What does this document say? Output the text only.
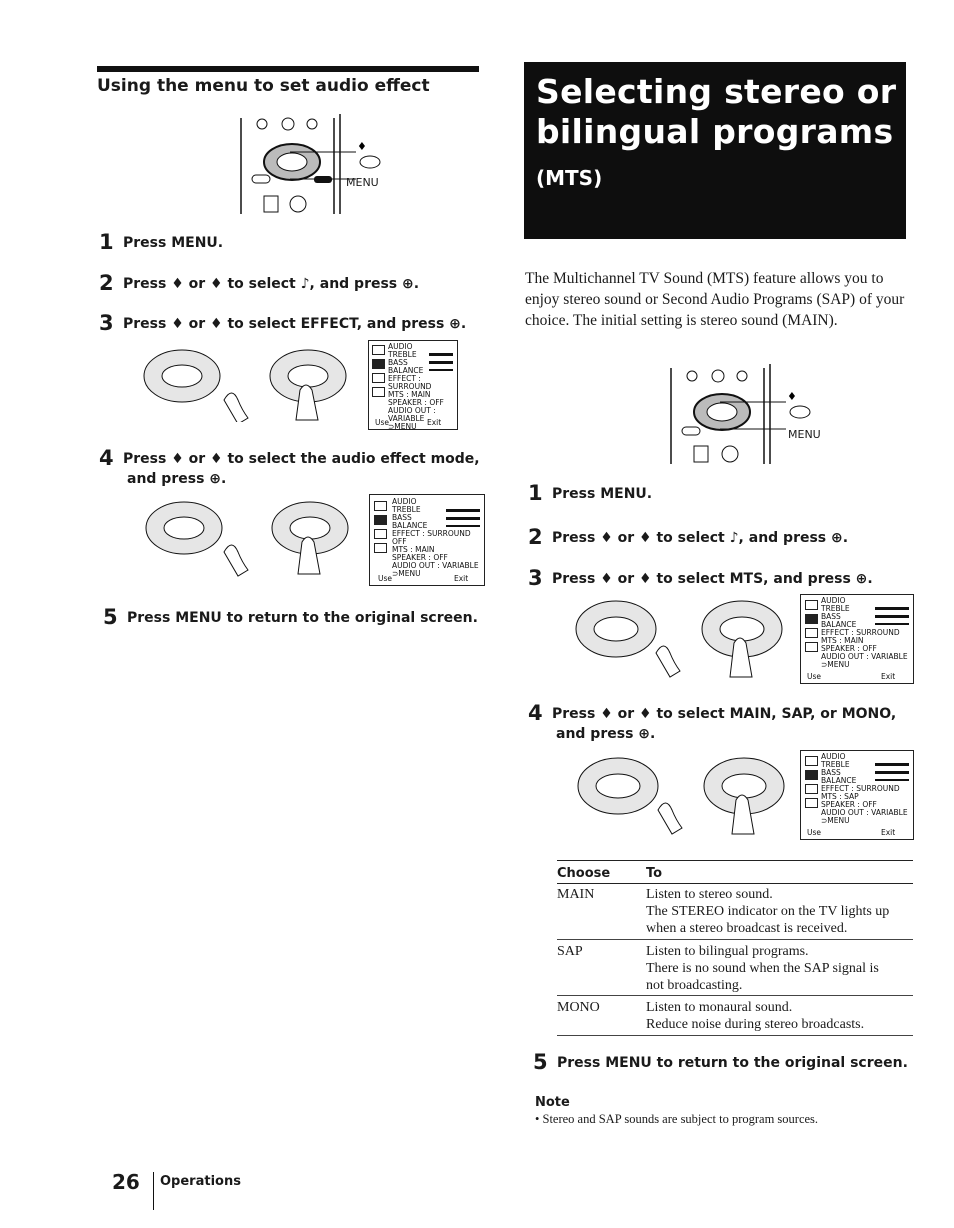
Using the menu to set audio effect
♦
MENU
1 Press MENU.
2 Press ♦ or ♦ to select ♪, and press ⊕.
3 Press ♦ or ♦ to select EFFECT, and press ⊕.
AUDIO
TREBLE
BASS
BALANCE
EFFECT : SURROUND
MTS : MAIN
SPEAKER : OFF
AUDIO OUT : VARIABLE
⊃MENU
Use	Exit
4 Press ♦ or ♦ to select the audio effect mode,
and press ⊕.
AUDIO
TREBLE
BASS
BALANCE
EFFECT : SURROUND OFF
MTS : MAIN
SPEAKER : OFF
AUDIO OUT : VARIABLE
⊃MENU
Use	Exit
5 Press MENU to return to the original screen.
Selecting stereo or
bilingual programs
(MTS)
The Multichannel TV Sound (MTS) feature allows you to enjoy stereo sound or Second Audio Programs (SAP) of your choice. The initial setting is stereo sound (MAIN).
♦
MENU
1 Press MENU.
2 Press ♦ or ♦ to select ♪, and press ⊕.
3 Press ♦ or ♦ to select MTS, and press ⊕.
AUDIO
TREBLE
BASS
BALANCE
EFFECT : SURROUND
MTS : MAIN
SPEAKER : OFF
AUDIO OUT : VARIABLE
⊃MENU
Use	Exit
4 Press ♦ or ♦ to select MAIN, SAP, or MONO,
and press ⊕.
AUDIO
TREBLE
BASS
BALANCE
EFFECT : SURROUND
MTS : SAP
SPEAKER : OFF
AUDIO OUT : VARIABLE
⊃MENU
Use	Exit
Choose	To
MAIN	Listen to stereo sound.
The STEREO indicator on the TV lights up
when a stereo broadcast is received.
SAP	Listen to bilingual programs.
There is no sound when the SAP signal is
not broadcasting.
MONO	Listen to monaural sound.
Reduce noise during stereo broadcasts.
5 Press MENU to return to the original screen.
Note
• Stereo and SAP sounds are subject to program sources.
26 Operations
